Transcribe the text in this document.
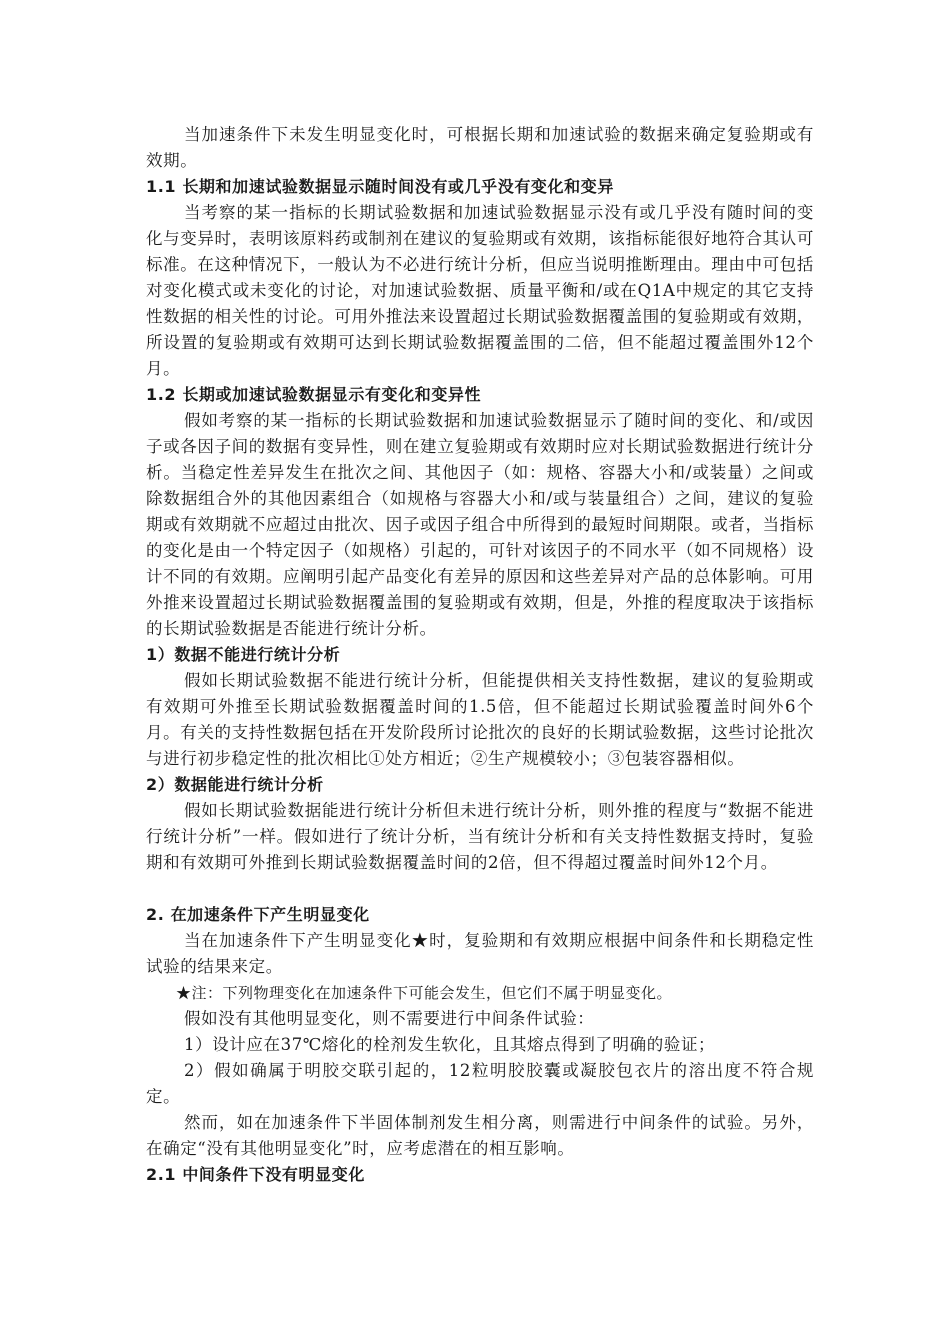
当加速条件下未发生明显变化时，可根据长期和加速试验的数据来确定复验期或有效期。

1.1 长期和加速试验数据显示随时间没有或几乎没有变化和变异

当考察的某一指标的长期试验数据和加速试验数据显示没有或几乎没有随时间的变化与变异时，表明该原料药或制剂在建议的复验期或有效期，该指标能很好地符合其认可标准。在这种情况下，一般认为不必进行统计分析，但应当说明推断理由。理由中可包括对变化模式或未变化的讨论，对加速试验数据、质量平衡和/或在Q1A中规定的其它支持性数据的相关性的讨论。可用外推法来设置超过长期试验数据覆盖围的复验期或有效期，所设置的复验期或有效期可达到长期试验数据覆盖围的二倍，但不能超过覆盖围外12个月。

1.2 长期或加速试验数据显示有变化和变异性

假如考察的某一指标的长期试验数据和加速试验数据显示了随时间的变化、和/或因子或各因子间的数据有变异性，则在建立复验期或有效期时应对长期试验数据进行统计分析。当稳定性差异发生在批次之间、其他因子（如：规格、容器大小和/或装量）之间或除数据组合外的其他因素组合（如规格与容器大小和/或与装量组合）之间，建议的复验期或有效期就不应超过由批次、因子或因子组合中所得到的最短时间期限。或者，当指标的变化是由一个特定因子（如规格）引起的，可针对该因子的不同水平（如不同规格）设计不同的有效期。应阐明引起产品变化有差异的原因和这些差异对产品的总体影响。可用外推来设置超过长期试验数据覆盖围的复验期或有效期，但是，外推的程度取决于该指标的长期试验数据是否能进行统计分析。

1）数据不能进行统计分析

假如长期试验数据不能进行统计分析，但能提供相关支持性数据，建议的复验期或有效期可外推至长期试验数据覆盖时间的1.5倍，但不能超过长期试验覆盖时间外6个月。有关的支持性数据包括在开发阶段所讨论批次的良好的长期试验数据，这些讨论批次与进行初步稳定性的批次相比①处方相近；②生产规模较小；③包装容器相似。

2）数据能进行统计分析

假如长期试验数据能进行统计分析但未进行统计分析，则外推的程度与“数据不能进行统计分析”一样。假如进行了统计分析，当有统计分析和有关支持性数据支持时，复验期和有效期可外推到长期试验数据覆盖时间的2倍，但不得超过覆盖时间外12个月。

2. 在加速条件下产生明显变化

当在加速条件下产生明显变化★时，复验期和有效期应根据中间条件和长期稳定性试验的结果来定。

★注：下列物理变化在加速条件下可能会发生，但它们不属于明显变化。

假如没有其他明显变化，则不需要进行中间条件试验：

1）设计应在37℃熔化的栓剂发生软化，且其熔点得到了明确的验证；

2）假如确属于明胶交联引起的，12粒明胶胶囊或凝胶包衣片的溶出度不符合规定。

然而，如在加速条件下半固体制剂发生相分离，则需进行中间条件的试验。另外，在确定“没有其他明显变化”时，应考虑潜在的相互影响。

2.1 中间条件下没有明显变化
